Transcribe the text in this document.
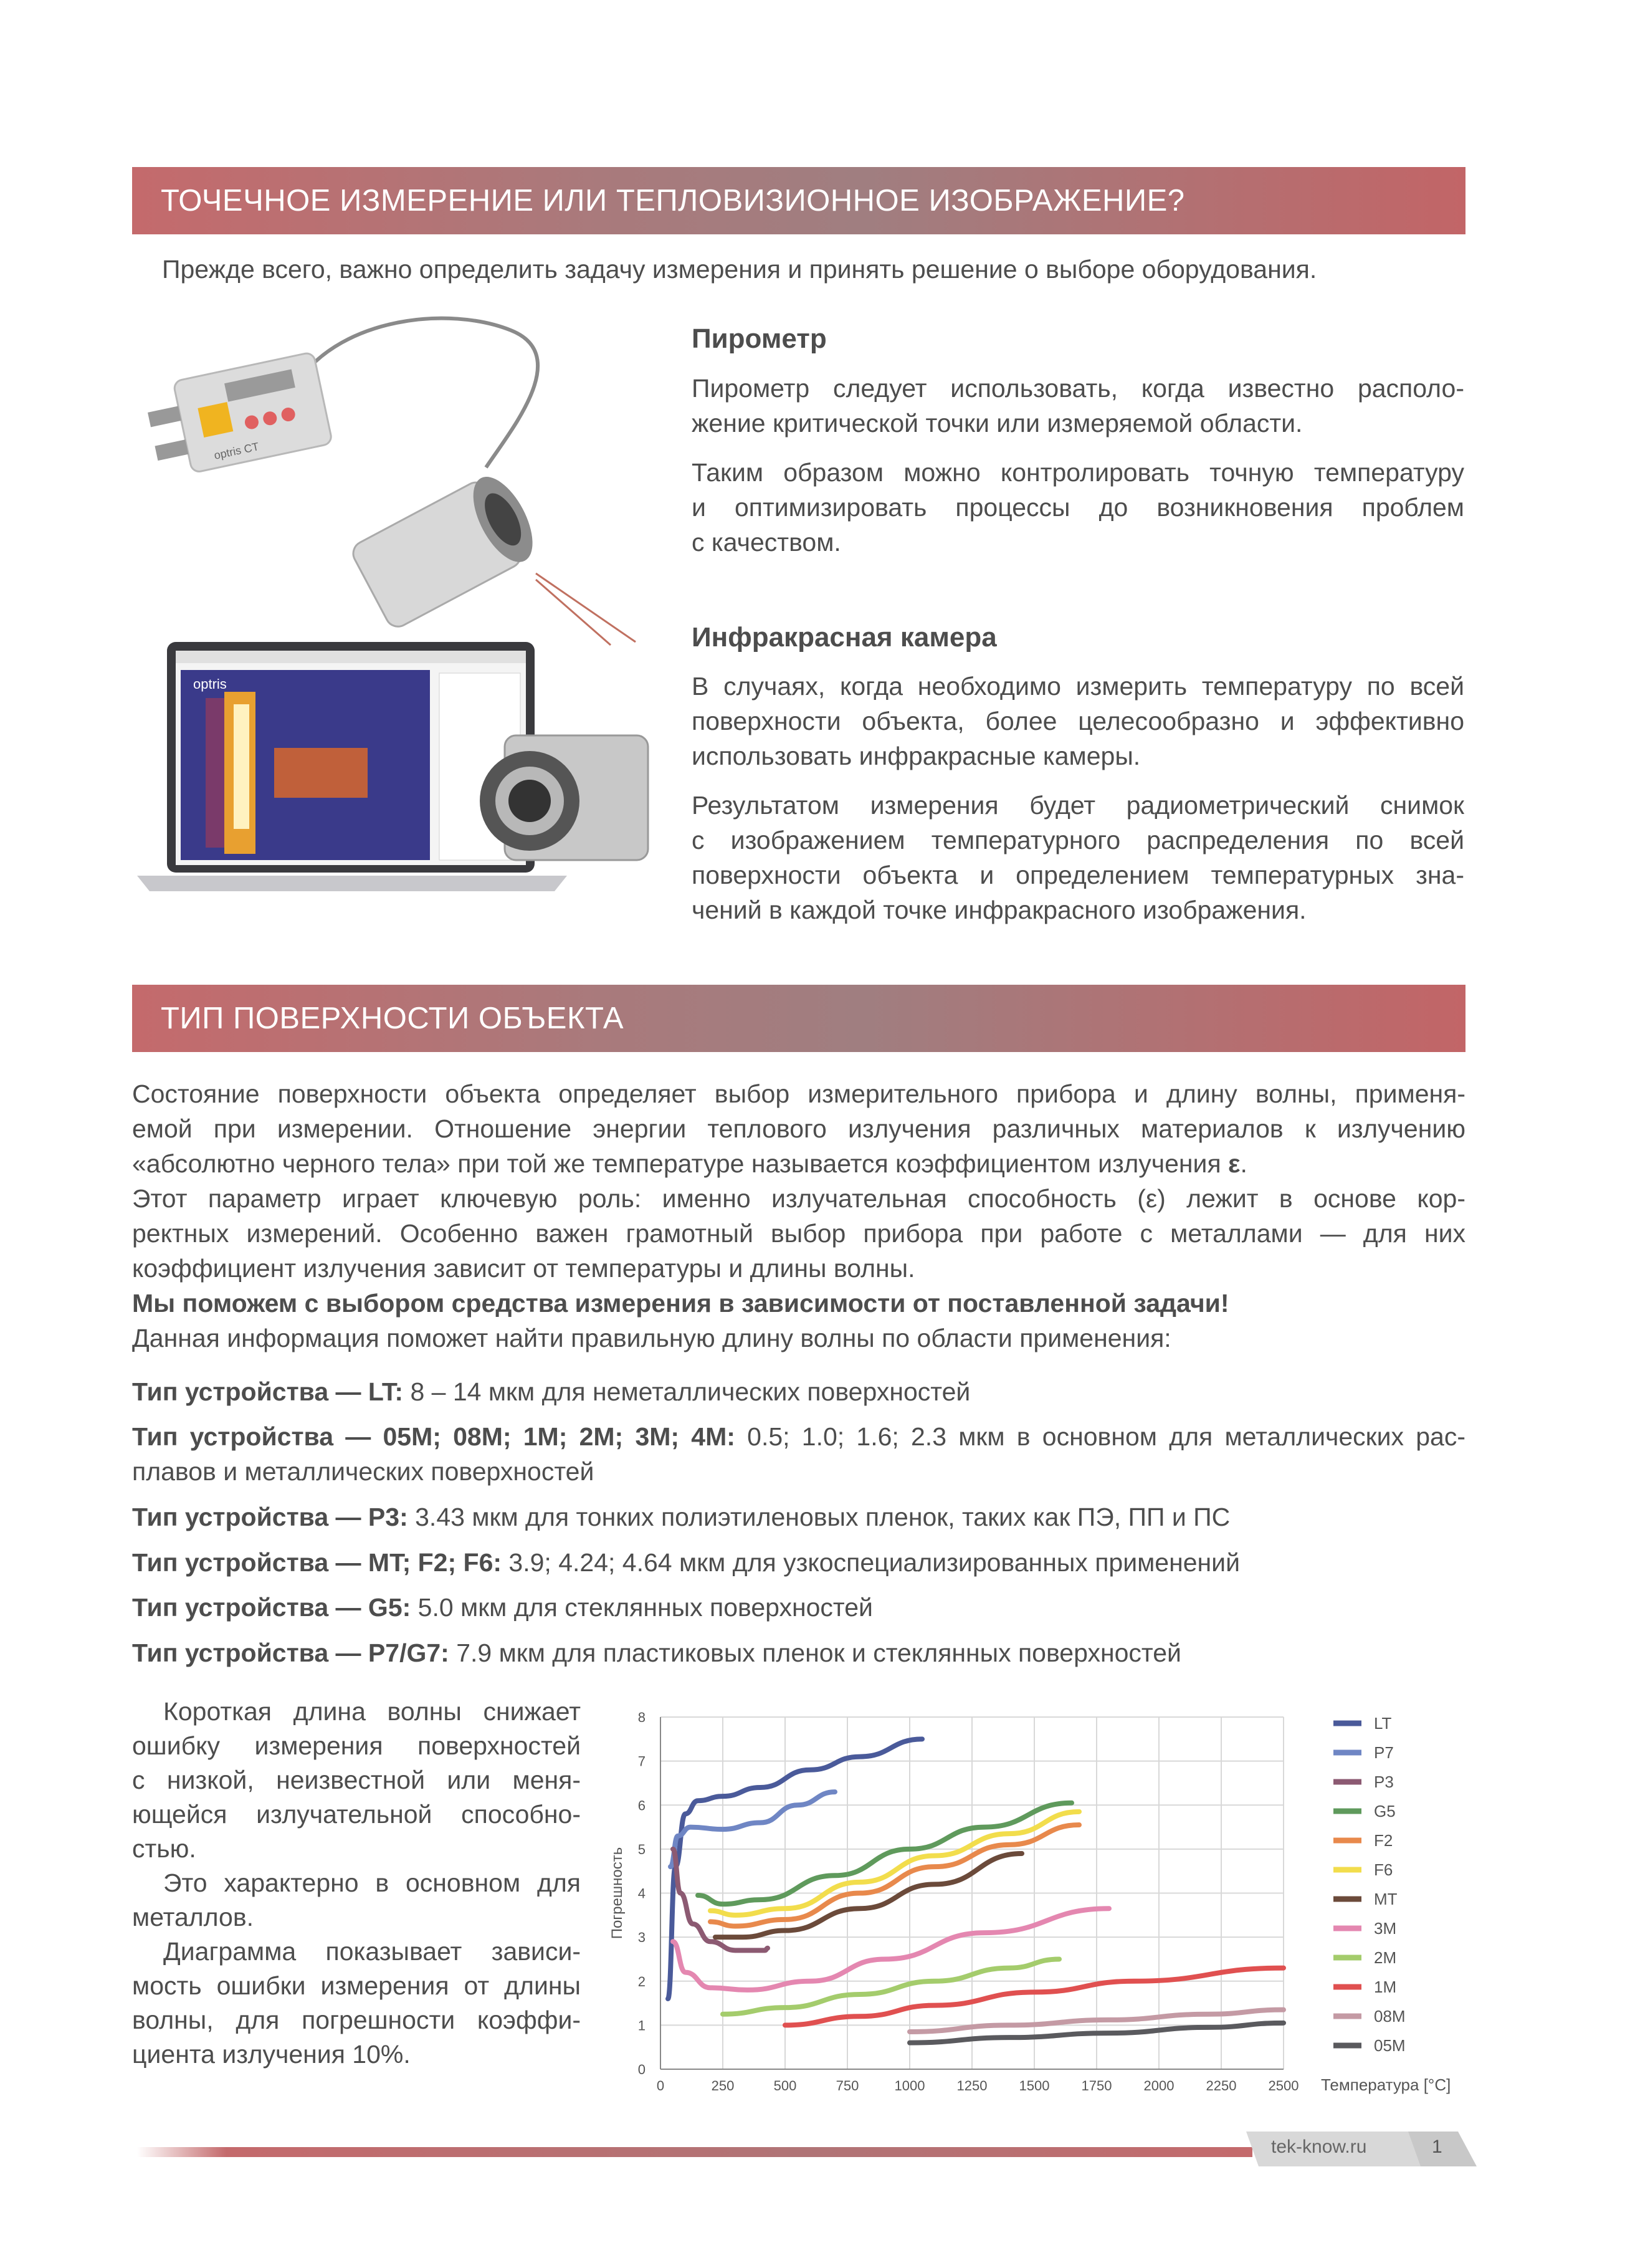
ТОЧЕЧНОЕ ИЗМЕРЕНИЕ ИЛИ ТЕПЛОВИЗИОННОЕ ИЗОБРАЖЕНИЕ?
Прежде всего, важно определить задачу измерения и принять решение о выборе оборудования.
optris CT
Пирометр
Пирометр следует использовать, когда известно располо-
жение критической точки или измеряемой области.
Таким образом можно контролировать точную температуру
и оптимизировать процессы до возникновения проблем
с качеством.
optris
Инфракрасная камера
В случаях, когда необходимо измерить температуру по всей
поверхности объекта, более целесообразно и эффективно
использовать инфракрасные камеры.
Результатом измерения будет радиометрический снимок
с изображением температурного распределения по всей
поверхности объекта и определением температурных зна-
чений в каждой точке инфракрасного изображения.
ТИП ПОВЕРХНОСТИ ОБЪЕКТА
Состояние поверхности объекта определяет выбор измерительного прибора и длину волны, применя-
емой при измерении. Отношение энергии теплового излучения различных материалов к излучению
«абсолютно черного тела» при той же температуре называется коэффициентом излучения ε.
Этот параметр играет ключевую роль: именно излучательная способность (ε) лежит в основе кор-
ректных измерений. Особенно важен грамотный выбор прибора при работе с металлами — для них
коэффициент излучения зависит от температуры и длины волны.
Мы поможем с выбором средства измерения в зависимости от поставленной задачи!
Данная информация поможет найти правильную длину волны по области применения:
Тип устройства — LT: 8 – 14 мкм для неметаллических поверхностей
Тип устройства — 05M; 08M; 1M; 2M; 3M; 4M: 0.5; 1.0; 1.6; 2.3 мкм в основном для металлических рас-
плавов и металлических поверхностей
Тип устройства — P3: 3.43 мкм для тонких полиэтиленовых пленок, таких как ПЭ, ПП и ПС
Тип устройства — MT; F2; F6: 3.9; 4.24; 4.64 мкм для узкоспециализированных применений
Тип устройства — G5: 5.0 мкм для стеклянных поверхностей
Тип устройства — P7/G7: 7.9 мкм для пластиковых пленок и стеклянных поверхностей
Короткая длина волны снижает
ошибку измерения поверхностей
с низкой, неизвестной или меня-
ющейся излучательной способно-
стью.
Это характерно в основном для
металлов.
Диаграмма показывает зависи-
мость ошибки измерения от длины
волны, для погрешности коэффи-
циента излучения 10%.
0	250	500	750	1000 1250 1500 1750 2000 2250 2500
0
1
2
3
4
5
6
7
8
Погрешность
Температура [°C]
LT
P7
P3
G5
F2
F6
MT
3M
2M
1M
08M
05M
tek-know.ru	1
